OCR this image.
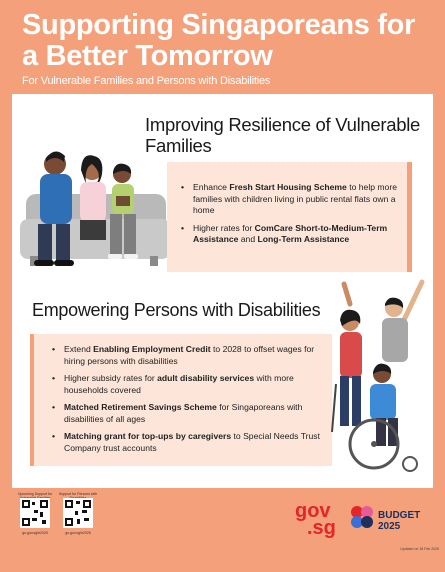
Supporting Singaporeans for a Better Tomorrow
For Vulnerable Families and Persons with Disabilities
Improving Resilience of Vulnerable Families
• Enhance Fresh Start Housing Scheme to help more families with children living in public rental flats own a home
• Higher rates for ComCare Short-to-Medium-Term Assistance and Long-Term Assistance
Empowering Persons with Disabilities
• Extend Enabling Employment Credit to 2028 to offset wages for hiring persons with disabilities
• Higher subsidy rates for adult disability services with more households covered
• Matched Retirement Savings Scheme for Singaporeans with disabilities of all ages
• Matching grant for top-ups by caregivers to Special Needs Trust Company trust accounts
Upcoming Support for
go.gov.sg/b2025
Support for Persons with
go.gov.sg/b2025
gov
.sg
BUDGET
2025
Updated on 18 Feb 2025
